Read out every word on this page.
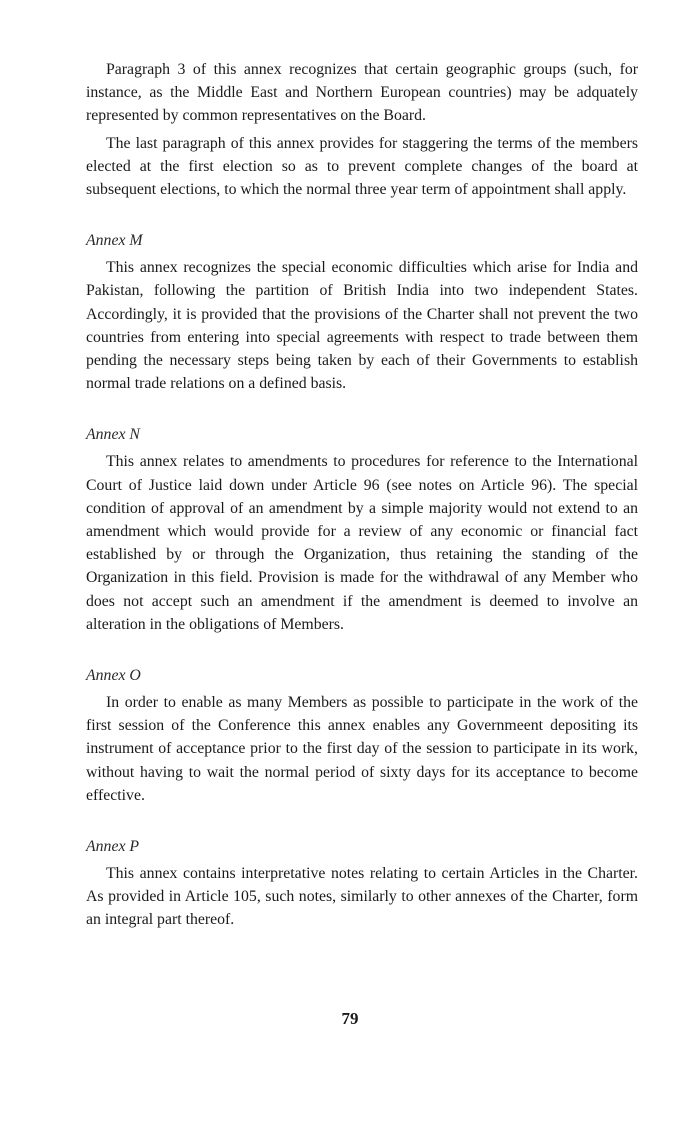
Paragraph 3 of this annex recognizes that certain geographic groups (such, for instance, as the Middle East and Northern European countries) may be adquately represented by common representatives on the Board.

The last paragraph of this annex provides for staggering the terms of the members elected at the first election so as to prevent complete changes of the board at subsequent elections, to which the normal three year term of appointment shall apply.

Annex M

This annex recognizes the special economic difficulties which arise for India and Pakistan, following the partition of British India into two independent States. Accordingly, it is provided that the provisions of the Charter shall not prevent the two countries from entering into special agreements with respect to trade between them pending the necessary steps being taken by each of their Governments to establish normal trade relations on a defined basis.

Annex N

This annex relates to amendments to procedures for reference to the International Court of Justice laid down under Article 96 (see notes on Article 96). The special condition of approval of an amendment by a simple majority would not extend to an amendment which would provide for a review of any economic or financial fact established by or through the Organization, thus retaining the standing of the Organization in this field. Provision is made for the withdrawal of any Member who does not accept such an amendment if the amendment is deemed to involve an alteration in the obligations of Members.

Annex O

In order to enable as many Members as possible to participate in the work of the first session of the Conference this annex enables any Governmeent depositing its instrument of acceptance prior to the first day of the session to participate in its work, without having to wait the normal period of sixty days for its acceptance to become effective.

Annex P

This annex contains interpretative notes relating to certain Articles in the Charter. As provided in Article 105, such notes, similarly to other annexes of the Charter, form an integral part thereof.

79
